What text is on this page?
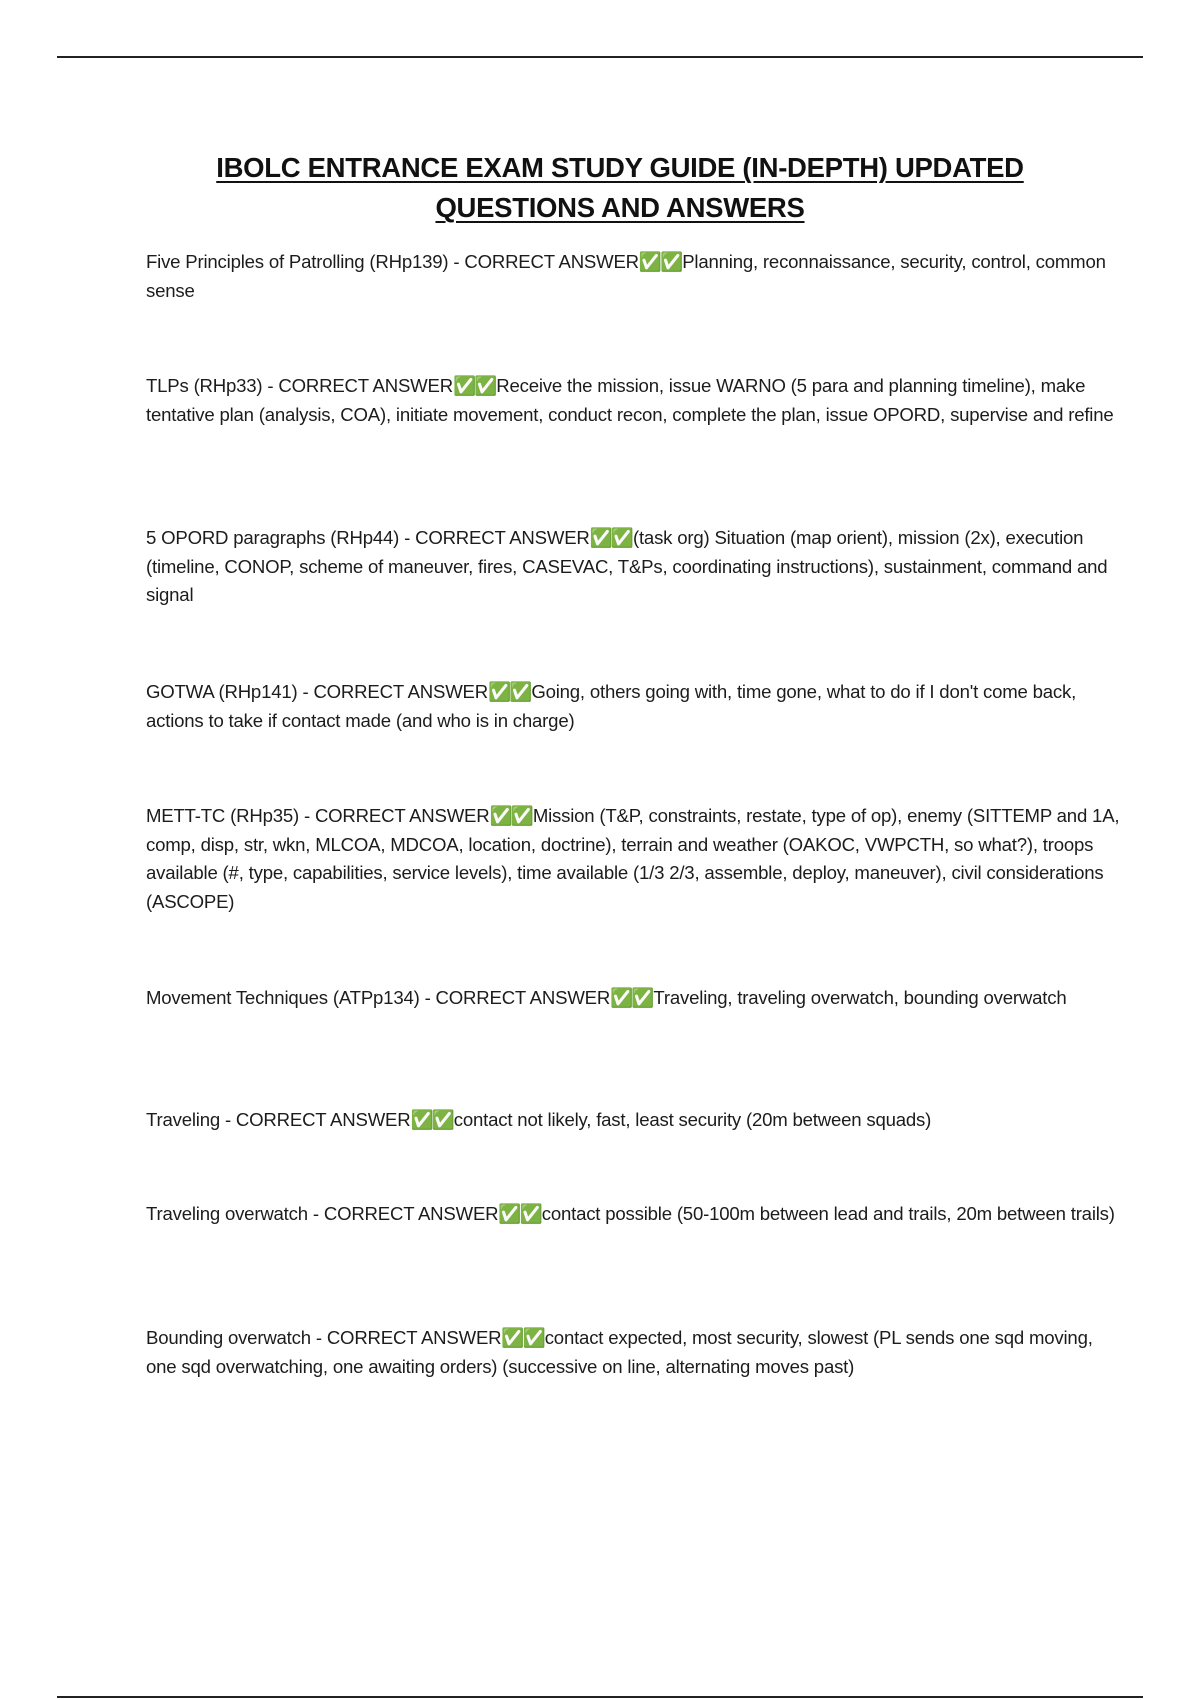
IBOLC ENTRANCE EXAM STUDY GUIDE (IN-DEPTH) UPDATED
QUESTIONS AND ANSWERS
Five Principles of Patrolling (RHp139) - CORRECT ANSWER✅✅Planning, reconnaissance, security, control, common sense
TLPs (RHp33) - CORRECT ANSWER✅✅Receive the mission, issue WARNO (5 para and planning timeline), make tentative plan (analysis, COA), initiate movement, conduct recon, complete the plan, issue OPORD, supervise and refine
5 OPORD paragraphs (RHp44) - CORRECT ANSWER✅✅(task org) Situation (map orient), mission (2x), execution (timeline, CONOP, scheme of maneuver, fires, CASEVAC, T&Ps, coordinating instructions), sustainment, command and signal
GOTWA (RHp141) - CORRECT ANSWER✅✅Going, others going with, time gone, what to do if I don't come back, actions to take if contact made (and who is in charge)
METT-TC (RHp35) - CORRECT ANSWER✅✅Mission (T&P, constraints, restate, type of op), enemy (SITTEMP and 1A, comp, disp, str, wkn, MLCOA, MDCOA, location, doctrine), terrain and weather (OAKOC, VWPCTH, so what?), troops available (#, type, capabilities, service levels), time available (1/3 2/3, assemble, deploy, maneuver), civil considerations (ASCOPE)
Movement Techniques (ATPp134) - CORRECT ANSWER✅✅Traveling, traveling overwatch, bounding overwatch
Traveling - CORRECT ANSWER✅✅contact not likely, fast, least security (20m between squads)
Traveling overwatch - CORRECT ANSWER✅✅contact possible (50-100m between lead and trails, 20m between trails)
Bounding overwatch - CORRECT ANSWER✅✅contact expected, most security, slowest (PL sends one sqd moving, one sqd overwatching, one awaiting orders) (successive on line, alternating moves past)
